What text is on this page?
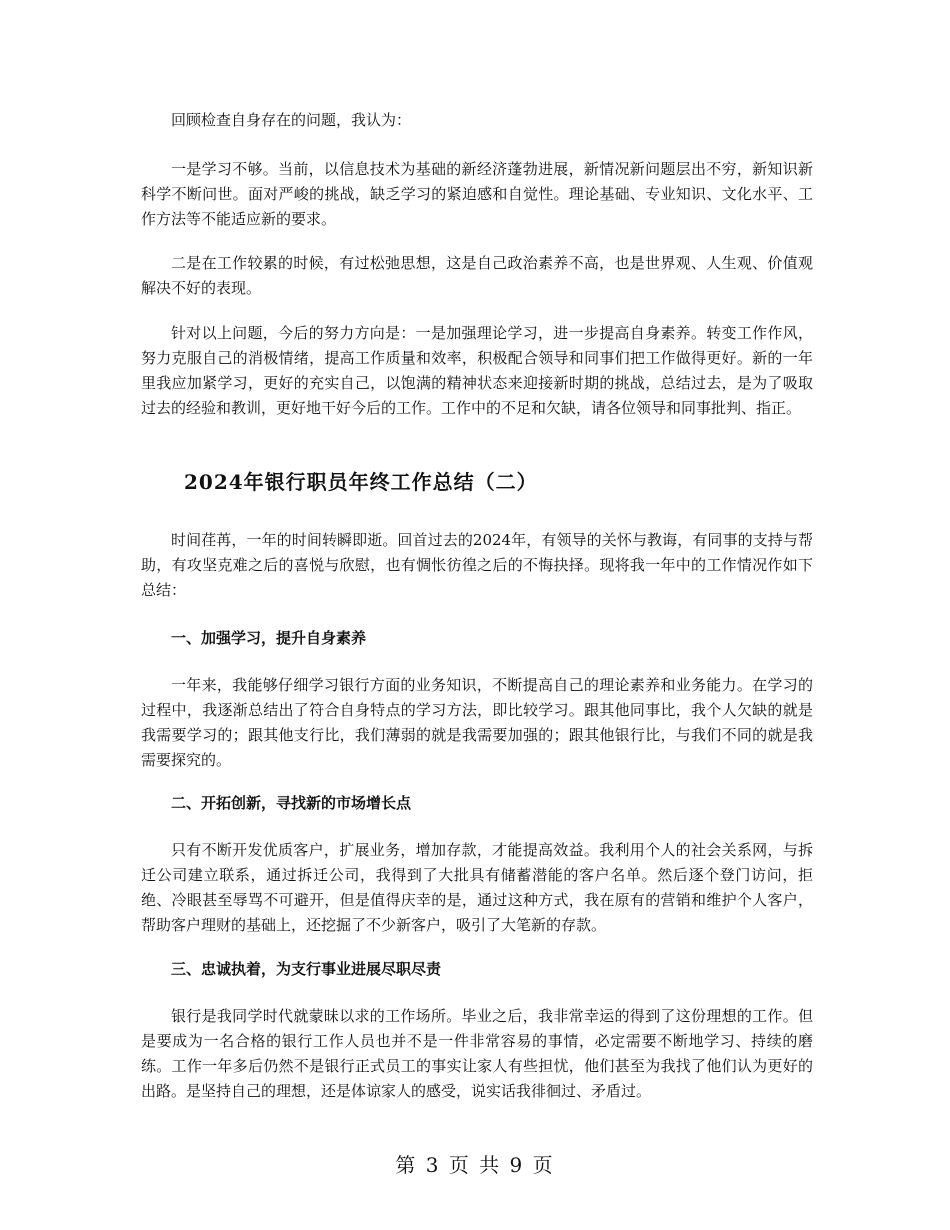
回顾检查自身存在的问题，我认为：

一是学习不够。当前，以信息技术为基础的新经济蓬勃进展，新情况新问题层出不穷，新知识新科学不断问世。面对严峻的挑战，缺乏学习的紧迫感和自觉性。理论基础、专业知识、文化水平、工作方法等不能适应新的要求。

二是在工作较累的时候，有过松弛思想，这是自己政治素养不高，也是世界观、人生观、价值观解决不好的表现。

针对以上问题，今后的努力方向是：一是加强理论学习，进一步提高自身素养。转变工作作风，努力克服自己的消极情绪，提高工作质量和效率，积极配合领导和同事们把工作做得更好。新的一年里我应加紧学习，更好的充实自己，以饱满的精神状态来迎接新时期的挑战，总结过去，是为了吸取过去的经验和教训，更好地干好今后的工作。工作中的不足和欠缺，请各位领导和同事批判、指正。

2024年银行职员年终工作总结（二）

时间荏苒，一年的时间转瞬即逝。回首过去的2024年，有领导的关怀与教诲，有同事的支持与帮助，有攻坚克难之后的喜悦与欣慰，也有惆怅彷徨之后的不悔抉择。现将我一年中的工作情况作如下总结：

一、加强学习，提升自身素养

一年来，我能够仔细学习银行方面的业务知识，不断提高自己的理论素养和业务能力。在学习的过程中，我逐渐总结出了符合自身特点的学习方法，即比较学习。跟其他同事比，我个人欠缺的就是我需要学习的；跟其他支行比，我们薄弱的就是我需要加强的；跟其他银行比，与我们不同的就是我需要探究的。

二、开拓创新，寻找新的市场增长点

只有不断开发优质客户，扩展业务，增加存款，才能提高效益。我利用个人的社会关系网，与拆迁公司建立联系，通过拆迁公司，我得到了大批具有储蓄潜能的客户名单。然后逐个登门访问，拒绝、冷眼甚至辱骂不可避开，但是值得庆幸的是，通过这种方式，我在原有的营销和维护个人客户，帮助客户理财的基础上，还挖掘了不少新客户，吸引了大笔新的存款。

三、忠诚执着，为支行事业进展尽职尽责

银行是我同学时代就蒙昧以求的工作场所。毕业之后，我非常幸运的得到了这份理想的工作。但是要成为一名合格的银行工作人员也并不是一件非常容易的事情，必定需要不断地学习、持续的磨练。工作一年多后仍然不是银行正式员工的事实让家人有些担忧，他们甚至为我找了他们认为更好的出路。是坚持自己的理想，还是体谅家人的感受，说实话我徘徊过、矛盾过。

第 3 页 共 9 页
